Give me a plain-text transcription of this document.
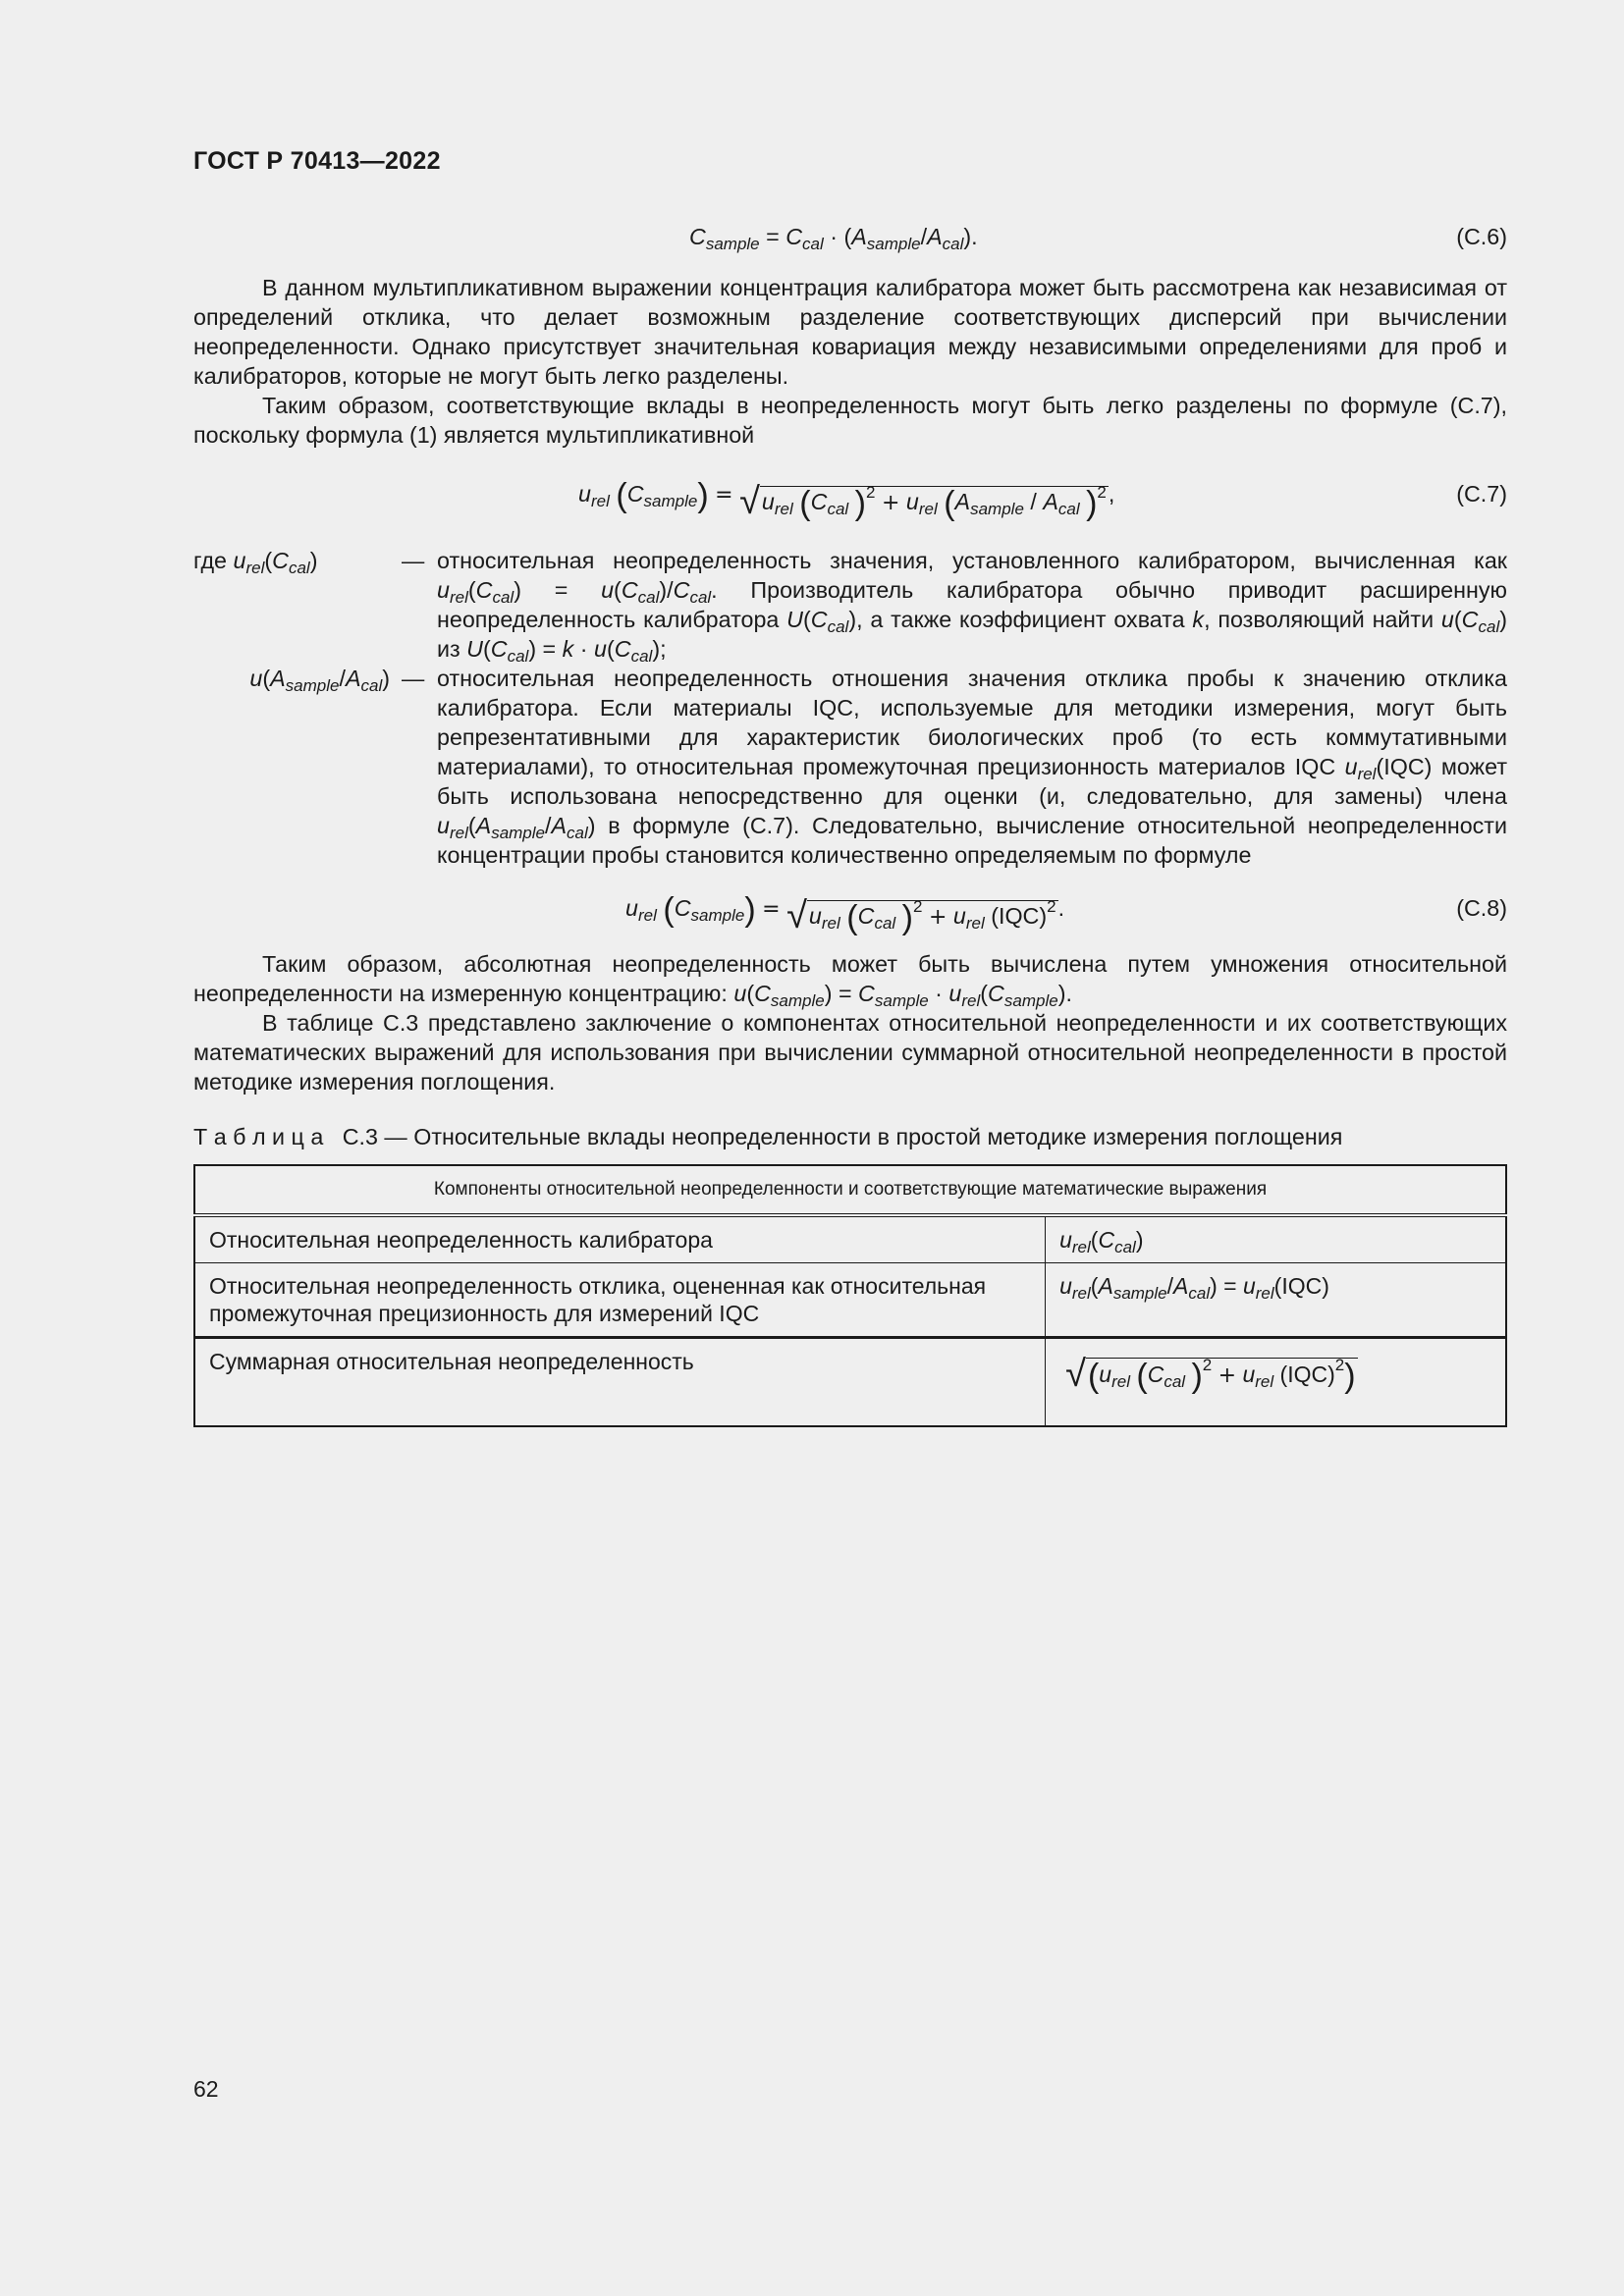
ГОСТ Р 70413—2022
$C_{sample} = C_{cal} \cdot (A_{sample}/A_{cal})$.	(С.6)
В данном мультипликативном выражении концентрация калибратора может быть рассмотрена как независимая от определений отклика, что делает возможным разделение соответствующих дисперсий при вычислении неопределенности. Однако присутствует значительная ковариация между независимыми определениями для проб и калибраторов, которые не могут быть легко разделены.
Таким образом, соответствующие вклады в неопределенность могут быть легко разделены по формуле (С.7), поскольку формула (1) является мультипликативной
$u_{rel}$ $(C_{sample}) = √u_{rel}$ ($C_{cal}$ )$^2 + u_{rel}$ ($A_{sample} / A_{cal}$ )$^2$,	(С.7)
где $u_{rel}(C_{cal})$	— относительная неопределенность значения, установленного калибратором, вычисленная как $u_{rel}(C_{cal}) = u(C_{cal})/C_{cal}$. Производитель калибратора обычно приводит расширенную неопределенность калибратора $U(C_{cal})$, а также коэффициент охвата k, позволяющий найти $u(C_{cal})$ из $U(C_{cal}) = k \cdot u(C_{cal})$;
$u(A_{sample}/A_{cal})$ — относительная неопределенность отношения значения отклика пробы к значению отклика калибратора. Если материалы IQC, используемые для методики измерения, могут быть репрезентативными для характеристик биологических проб (то есть коммутативными материалами), то относительная промежуточная прецизионность материалов IQC $u_{rel}(IQC)$ может быть использована непосредственно для оценки (и, следовательно, для замены) члена $u_{rel}(A_{sample}/A_{cal})$ в формуле (С.7). Следовательно, вычисление относительной неопределенности концентрации пробы становится количественно определяемым по формуле
$u_{rel}$ $(C_{sample}) = √u_{rel}$ ($C_{cal}$ )$^2 + u_{rel}$ (IQC)$^2$.	(С.8)
Таким образом, абсолютная неопределенность может быть вычислена путем умножения относительной неопределенности на измеренную концентрацию: $u(C_{sample}) = C_{sample} \cdot u_{rel}(C_{sample})$.
В таблице С.3 представлено заключение о компонентах относительной неопределенности и их соответствующих математических выражений для использования при вычислении суммарной относительной неопределенности в простой методике измерения поглощения.
Т а б л и ц а   С.3 — Относительные вклады неопределенности в простой методике измерения поглощения
Компоненты относительной неопределенности и соответствующие математические выражения	
Относительная неопределенность калибратора	$u_{rel}(C_{cal})$
Относительная неопределенность отклика, оцененная как относительная промежуточная прецизионность для измерений IQC	$u_{rel}(A_{sample}/A_{cal}) = u_{rel}(IQC)$
Суммарная относительная неопределенность	$√(u_{rel}$ ($C_{cal}$ )$^2 + u_{rel}$ (IQC)$^2$)
62
